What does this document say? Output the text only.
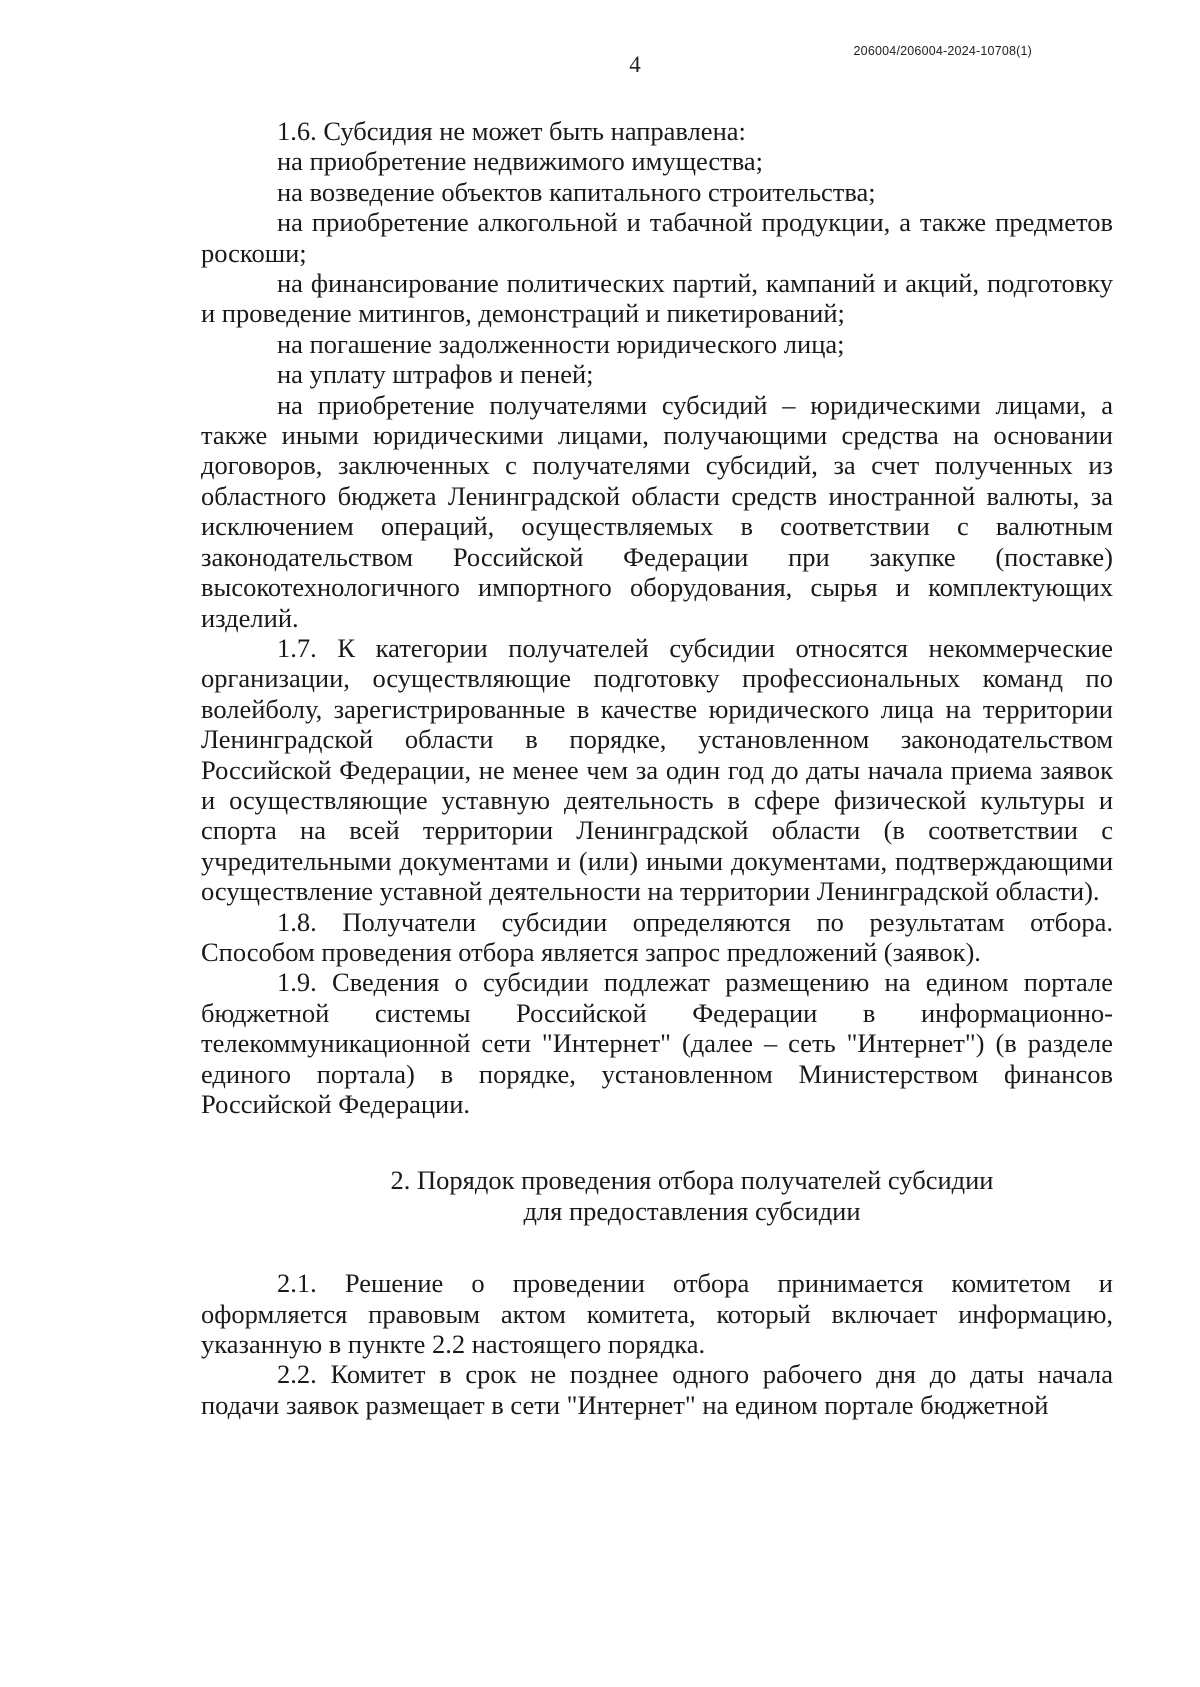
206004/206004-2024-10708(1)
4

1.6. Субсидия не может быть направлена:

на приобретение недвижимого имущества;

на возведение объектов капитального строительства;

на приобретение алкогольной и табачной продукции, а также предметов роскоши;

на финансирование политических партий, кампаний и акций, подготовку и проведение митингов, демонстраций и пикетирований;

на погашение задолженности юридического лица;

на уплату штрафов и пеней;

на приобретение получателями субсидий – юридическими лицами, а также иными юридическими лицами, получающими средства на основании договоров, заключенных с получателями субсидий, за счет полученных из областного бюджета Ленинградской области средств иностранной валюты, за исключением операций, осуществляемых в соответствии с валютным законодательством Российской Федерации при закупке (поставке) высокотехнологичного импортного оборудования, сырья и комплектующих изделий.

1.7. К категории получателей субсидии относятся некоммерческие организации, осуществляющие подготовку профессиональных команд по волейболу, зарегистрированные в качестве юридического лица на территории Ленинградской области в порядке, установленном законодательством Российской Федерации, не менее чем за один год до даты начала приема заявок и осуществляющие уставную деятельность в сфере физической культуры и спорта на всей территории Ленинградской области (в соответствии с учредительными документами и (или) иными документами, подтверждающими осуществление уставной деятельности на территории Ленинградской области).

1.8. Получатели субсидии определяются по результатам отбора. Способом проведения отбора является запрос предложений (заявок).

1.9. Сведения о субсидии подлежат размещению на едином портале бюджетной системы Российской Федерации в информационно-телекоммуникационной сети "Интернет" (далее – сеть "Интернет") (в разделе единого портала) в порядке, установленном Министерством финансов Российской Федерации.

2. Порядок проведения отбора получателей субсидии
для предоставления субсидии

2.1. Решение о проведении отбора принимается комитетом и оформляется правовым актом комитета, который включает информацию, указанную в пункте 2.2 настоящего порядка.

2.2. Комитет в срок не позднее одного рабочего дня до даты начала подачи заявок размещает в сети "Интернет" на едином портале бюджетной
